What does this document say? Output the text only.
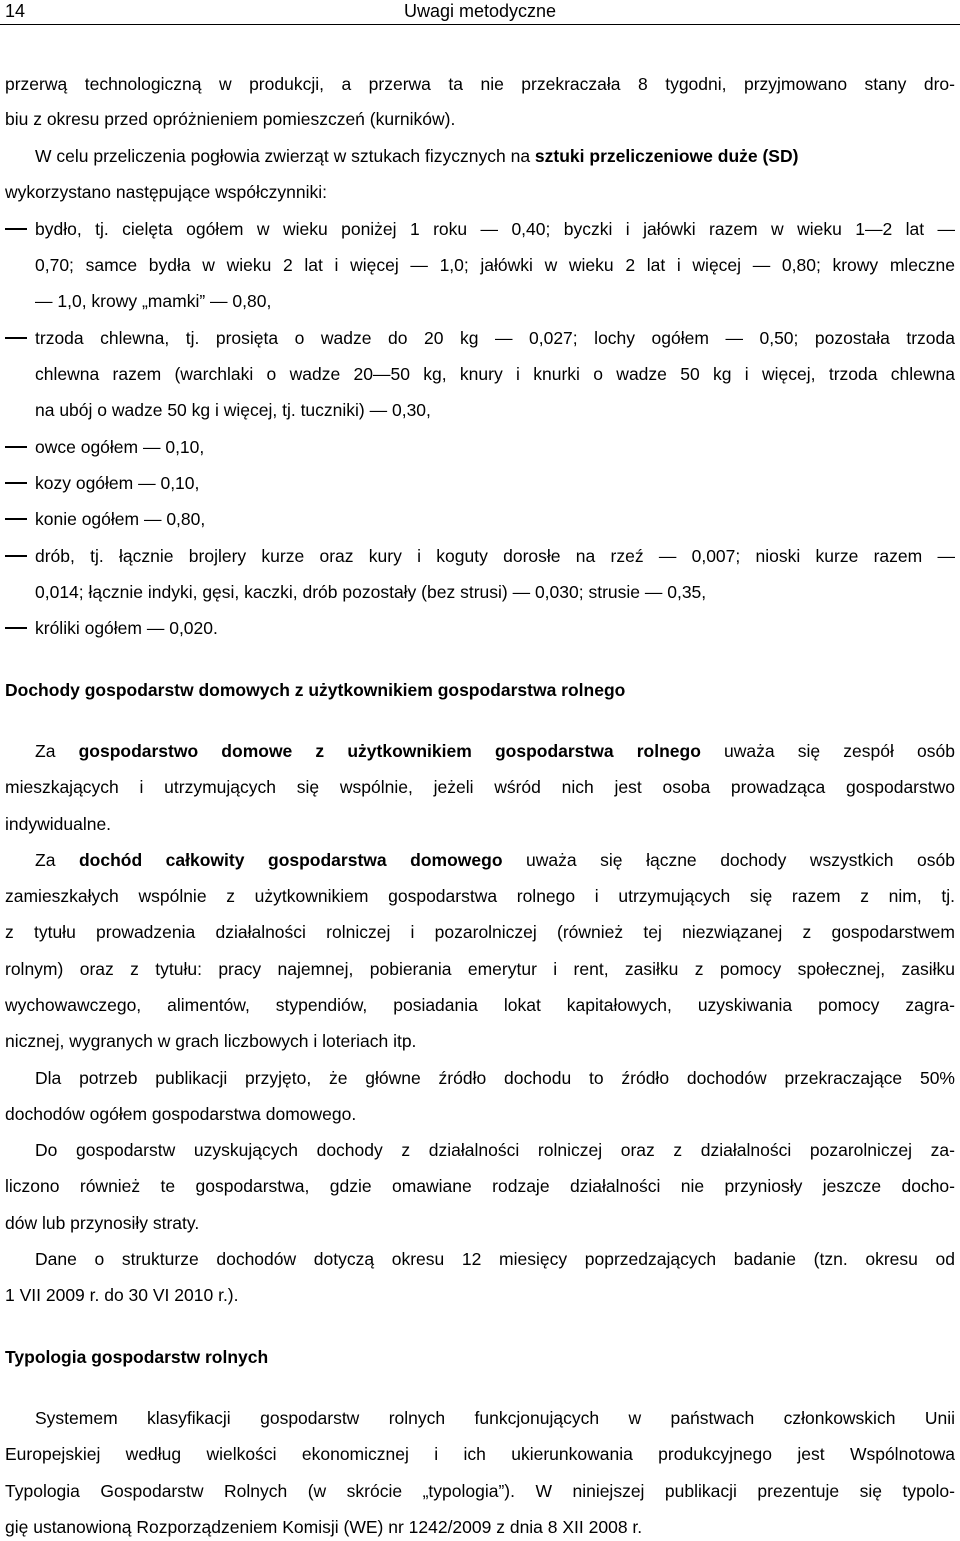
14	Uwagi metodyczne
przerwą technologiczną w produkcji, a przerwa ta nie przekraczała 8 tygodni, przyjmowano stany dro-
biu z okresu przed opróżnieniem pomieszczeń (kurników).
W celu przeliczenia pogłowia zwierząt w sztukach fizycznych na sztuki przeliczeniowe duże (SD)
wykorzystano następujące współczynniki:
bydło, tj. cielęta ogółem w wieku poniżej 1 roku — 0,40; byczki i jałówki razem w wieku 1—2 lat —
0,70; samce bydła w wieku 2 lat i więcej — 1,0; jałówki w wieku 2 lat i więcej — 0,80; krowy mleczne
— 1,0, krowy „mamki” — 0,80,
trzoda chlewna, tj. prosięta o wadze do 20 kg — 0,027; lochy ogółem — 0,50; pozostała trzoda
chlewna razem (warchlaki o wadze 20—50 kg, knury i knurki o wadze 50 kg i więcej, trzoda chlewna
na ubój o wadze 50 kg i więcej, tj. tuczniki) — 0,30,
owce ogółem — 0,10,
kozy ogółem — 0,10,
konie ogółem — 0,80,
drób, tj. łącznie brojlery kurze oraz kury i koguty dorosłe na rzeź — 0,007; nioski kurze razem —
0,014; łącznie indyki, gęsi, kaczki, drób pozostały (bez strusi) — 0,030; strusie — 0,35,
króliki ogółem — 0,020.
Dochody gospodarstw domowych z użytkownikiem gospodarstwa rolnego
Za gospodarstwo domowe z użytkownikiem gospodarstwa rolnego uważa się zespół osób
mieszkających i utrzymujących się wspólnie, jeżeli wśród nich jest osoba prowadząca gospodarstwo
indywidualne.
Za dochód całkowity gospodarstwa domowego uważa się łączne dochody wszystkich osób
zamieszkałych wspólnie z użytkownikiem gospodarstwa rolnego i utrzymujących się razem z nim, tj.
z tytułu prowadzenia działalności rolniczej i pozarolniczej (również tej niezwiązanej z gospodarstwem
rolnym) oraz z tytułu: pracy najemnej, pobierania emerytur i rent, zasiłku z pomocy społecznej, zasiłku
wychowawczego, alimentów, stypendiów, posiadania lokat kapitałowych, uzyskiwania pomocy zagra-
nicznej, wygranych w grach liczbowych i loteriach itp.
Dla potrzeb publikacji przyjęto, że główne źródło dochodu to źródło dochodów przekraczające 50%
dochodów ogółem gospodarstwa domowego.
Do gospodarstw uzyskujących dochody z działalności rolniczej oraz z działalności pozarolniczej za-
liczono również te gospodarstwa, gdzie omawiane rodzaje działalności nie przyniosły jeszcze docho-
dów lub przynosiły straty.
Dane o strukturze dochodów dotyczą okresu 12 miesięcy poprzedzających badanie (tzn. okresu od
1 VII 2009 r. do 30 VI 2010 r.).
Typologia gospodarstw rolnych
Systemem klasyfikacji gospodarstw rolnych funkcjonujących w państwach członkowskich Unii
Europejskiej według wielkości ekonomicznej i ich ukierunkowania produkcyjnego jest Wspólnotowa
Typologia Gospodarstw Rolnych (w skrócie „typologia”). W niniejszej publikacji prezentuje się typolo-
gię ustanowioną Rozporządzeniem Komisji (WE) nr 1242/2009 z dnia 8 XII 2008 r.
